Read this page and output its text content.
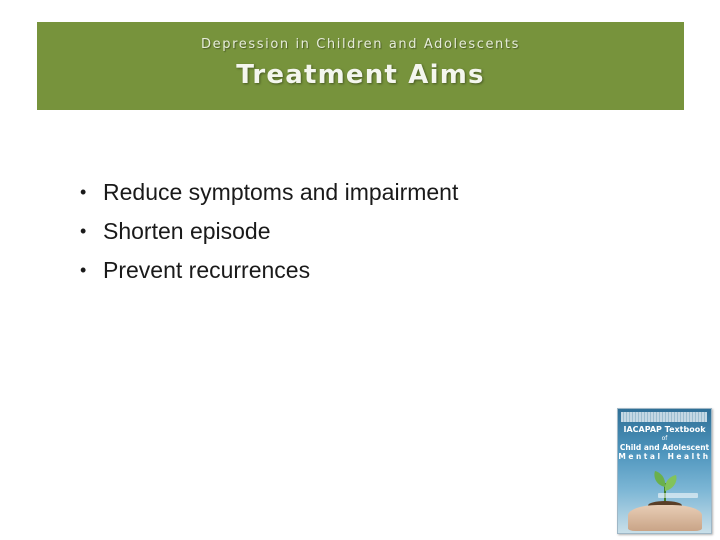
Depression in Children and Adolescents
Treatment Aims
• Reduce symptoms and impairment
• Shorten episode
• Prevent recurrences
IACAPAP Textbook
of
Child and Adolescent
Mental Health
